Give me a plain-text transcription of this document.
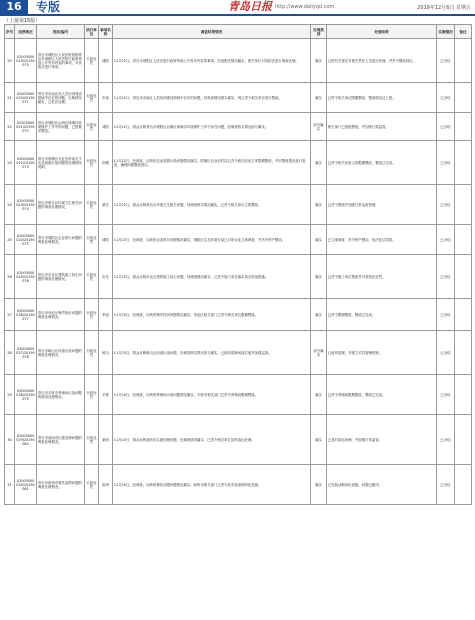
16	专版	青岛日报 http://www.dailyqd.com	2019年12月6日 星期五
（上接第15版）
序号	法律规定	类别/编号	执行单位	事项名称	调查结果情况	处理类别	处理结果	实施情况	备注
20	X2000000019/20190070	青岛市城阳区人民法院依据青岛市城阳区人民法院行政审判庭公开发布内容的事项，对其依法进行审查。	行政处罚	城阳	11月22日，青岛市城阳区人民法院行政审判庭公开发布内容的事项，经查相关情况属实，相关单位对其依法进行调查处理。	属实	已按有关规定对相关责任人员进行处理，并责令整改到位。	已办结	
21	X2000000020/20190071	青岛市市南区在人员培训建设领域中存在的问题，反映情况属实，已依法处理。	行政处罚	市南	11月22日，青岛市市南区人员培训建设领域中存在的问题，经核查情况基本属实，现已责令相关单位进行整改。	属实	已责令相关单位限期整改，整改情况已上报。	已办结	
22	X2000000021/20190072	青岛市城阳区沿海区域海洋环境保护工作中的问题，已按要求整改。	行政处罚	城阳	11月22日，群众反映青岛市城阳区沿海区域海洋环境保护工作中存在问题，经调查核实情况部分属实。	部分属实	相关部门已督促整改，并加强日常监管。	已办结	
23	X2000000022/20190073	青岛市即墨区农业农村局关于农业面源污染问题的处理情况说明。	行政处罚	即墨	11月22日，经调查，反映的农业面源污染问题情况属实，即墨区农业农村局已责令相关经营主体限期整改，并对整改情况进行复查，确保问题整改到位。	属实	已责令相关经营主体限期整改，整改已完成。	已办结	
24	X2000000023/20190074	青岛市黄岛区环境卫生相关问题的调查处理情况。	行政处罚	黄岛	11月22日，群众反映黄岛区环境卫生相关问题，经调查核实情况属实，已责令相关单位立即整改。	属实	已责令整改并加强日常巡查管理。	已办结	
25	X2000000024/20190075	青岛市城阳区企业排污问题的调查处理情况。	行政处罚	城阳	11月23日，经调查，反映的企业排污问题情况属实，城阳区生态环境分局已对该企业立案调查，并责令停产整治。	属实	已立案调查，责令停产整治，依法处以罚款。	已办结	
26	X2000000025/20190076	青岛市市北区建筑施工扬尘问题的调查处理情况。	行政处罚	市北	11月23日，群众反映市北区建筑施工扬尘问题，经调查情况属实，已责令施工单位落实扬尘防治措施。	属实	已责令施工单位整改并对其依法处罚。	已办结	
27	X2000000026/20190077	青岛市李沧区噪声扰民问题的调查处理情况。	行政处罚	李沧	11月23日，经调查，反映的噪声扰民问题情况属实，李沧区相关部门已责令相关单位限期整改。	属实	已责令限期整改，整改已完成。	已办结	
28	X2000000027/20190078	青岛市崂山区河道污染问题的调查处理情况。	行政处罚	崂山	11月23日，群众反映崂山区河道污染问题，经调查核实情况部分属实，已组织清理河道垃圾并加强巡查。	部分属实	已组织清理，并建立长效管理机制。	已办结	
29	X2000000028/20190079	青岛市平度市养殖场污染问题的调查处理情况。	行政处罚	平度	11月24日，经调查，反映的养殖场污染问题情况属实，平度市相关部门已责令养殖场限期整改。	属实	已责令养殖场限期整改，整改已完成。	已办结	
30	X2000000029/20190080	青岛市莱西市垃圾处理问题的调查处理情况。	行政处罚	莱西	11月24日，群众反映莱西市垃圾处理问题，经调查情况属实，已责令相关单位及时清运处理。	属实	已及时清运处理，并加强日常监管。	已办结	
31	X2000000030/20190081	青岛市胶州市餐饮油烟问题的调查处理情况。	行政处罚	胶州	11月24日，经调查，反映的餐饮油烟问题情况属实，胶州市相关部门已责令其安装油烟净化设施。	属实	已安装油烟净化设施，问题已解决。	已办结	
